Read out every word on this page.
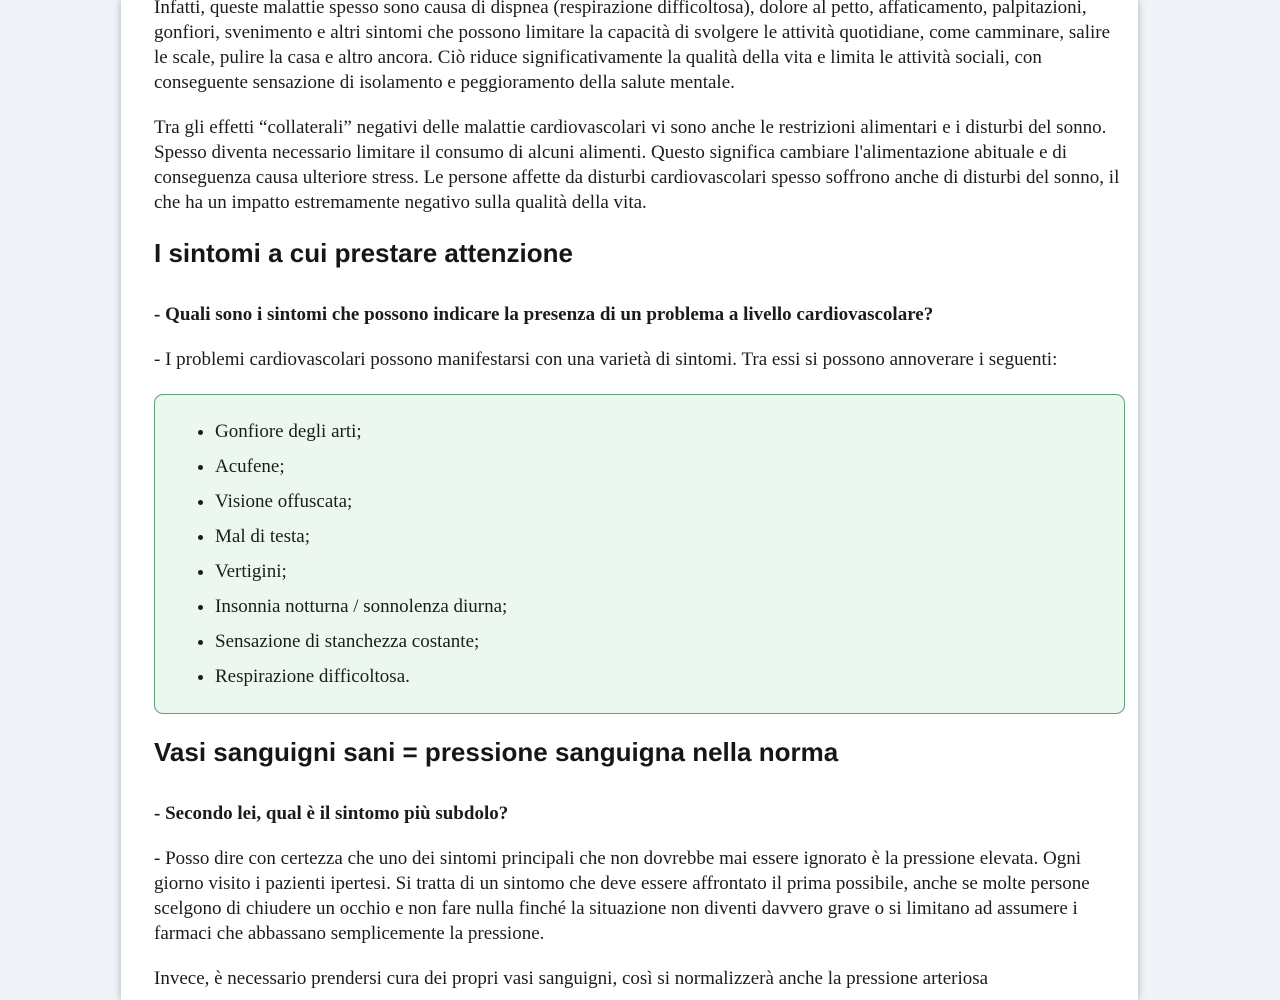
Infatti, queste malattie spesso sono causa di dispnea (respirazione difficoltosa), dolore al petto, affaticamento, palpitazioni, gonfiori, svenimento e altri sintomi che possono limitare la capacità di svolgere le attività quotidiane, come camminare, salire le scale, pulire la casa e altro ancora. Ciò riduce significativamente la qualità della vita e limita le attività sociali, con conseguente sensazione di isolamento e peggioramento della salute mentale.

Tra gli effetti “collaterali” negativi delle malattie cardiovascolari vi sono anche le restrizioni alimentari e i disturbi del sonno. Spesso diventa necessario limitare il consumo di alcuni alimenti. Questo significa cambiare l'alimentazione abituale e di conseguenza causa ulteriore stress. Le persone affette da disturbi cardiovascolari spesso soffrono anche di disturbi del sonno, il che ha un impatto estremamente negativo sulla qualità della vita.

I sintomi a cui prestare attenzione

- Quali sono i sintomi che possono indicare la presenza di un problema a livello cardiovascolare?

- I problemi cardiovascolari possono manifestarsi con una varietà di sintomi. Tra essi si possono annoverare i seguenti:

• Gonfiore degli arti;
• Acufene;
• Visione offuscata;
• Mal di testa;
• Vertigini;
• Insonnia notturna / sonnolenza diurna;
• Sensazione di stanchezza costante;
• Respirazione difficoltosa.
Vasi sanguigni sani = pressione sanguigna nella norma

- Secondo lei, qual è il sintomo più subdolo?

- Posso dire con certezza che uno dei sintomi principali che non dovrebbe mai essere ignorato è la pressione elevata. Ogni giorno visito i pazienti ipertesi. Si tratta di un sintomo che deve essere affrontato il prima possibile, anche se molte persone scelgono di chiudere un occhio e non fare nulla finché la situazione non diventi davvero grave o si limitano ad assumere i farmaci che abbassano semplicemente la pressione.

Invece, è necessario prendersi cura dei propri vasi sanguigni, così si normalizzerà anche la pressione arteriosa
